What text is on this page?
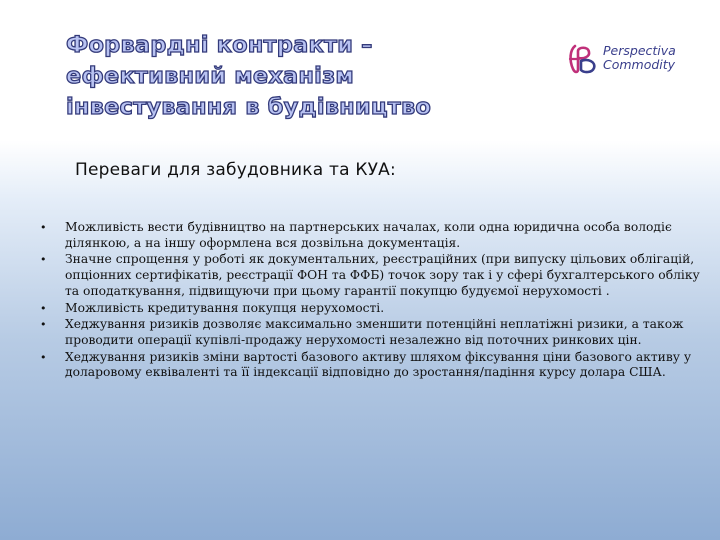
Форвардні контракти –
ефективний механізм
інвестування в будівництво
Perspectiva
Commodity
Переваги для забудовника та КУА:
• Можливість вести будівництво на партнерських началах, коли одна юридична особа володіє ділянкою, а на іншу оформлена вся дозвільна документація.
• Значне спрощення у роботі як документальних, реєстраційних (при випуску цільових облігацій, опціонних сертифікатів, реєстрації ФОН та ФФБ) точок зору так і у сфері бухгалтерського обліку та оподаткування, підвищуючи при цьому гарантії покупцю будуємої нерухомості .
• Можливість кредитування покупця нерухомості.
• Хеджування ризиків дозволяє максимально зменшити потенційні неплатіжні ризики, а також проводити операції купівлі-продажу нерухомості незалежно від поточних ринкових цін.
• Хеджування ризиків зміни вартості базового активу шляхом фіксування ціни базового активу у доларовому еквіваленті та її індексації відповідно до зростання/падіння курсу долара США.
